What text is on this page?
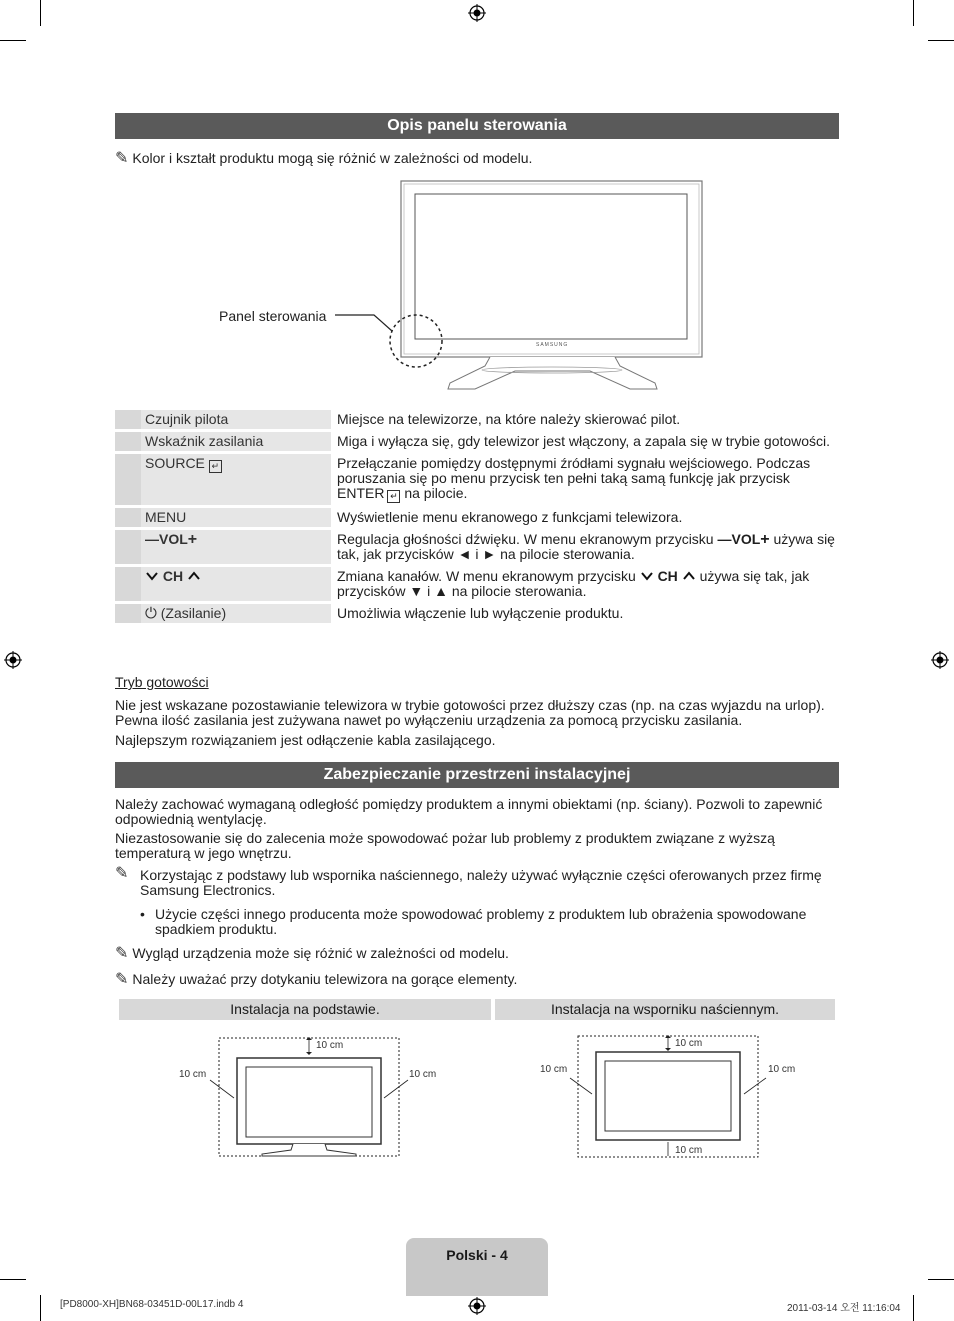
Opis panelu sterowania
✎ Kolor i kształt produktu mogą się różnić w zależności od modelu.
SAMSUNG
Panel sterowania
	Czujnik pilota	Miejsce na telewizorze, na które należy skierować pilot.
	Wskaźnik zasilania	Miga i wyłącza się, gdy telewizor jest włączony, a zapala się w trybie gotowości.
	SOURCE ↵	Przełączanie pomiędzy dostępnymi źródłami sygnału wejściowego. Podczas poruszania się po menu przycisk ten pełni taką samą funkcję jak przycisk ENTER ↵ na pilocie.
	MENU	Wyświetlenie menu ekranowego z funkcjami telewizora.
	—VOL+	Regulacja głośności dźwięku. W menu ekranowym przycisku —VOL+ używa się tak, jak przycisków ◄ i ► na pilocie sterowania.
	CH	Zmiana kanałów. W menu ekranowym przycisku  CH  używa się tak, jak przycisków ▼ i ▲ na pilocie sterowania.
	⏻ (Zasilanie)	Umożliwia włączenie lub wyłączenie produktu.
Tryb gotowości
Nie jest wskazane pozostawianie telewizora w trybie gotowości przez dłuższy czas (np. na czas wyjazdu na urlop). Pewna ilość zasilania jest zużywana nawet po wyłączeniu urządzenia za pomocą przycisku zasilania.
Najlepszym rozwiązaniem jest odłączenie kabla zasilającego.
Zabezpieczanie przestrzeni instalacyjnej
Należy zachować wymaganą odległość pomiędzy produktem a innymi obiektami (np. ściany). Pozwoli to zapewnić odpowiednią wentylację.
Niezastosowanie się do zalecenia może spowodować pożar lub problemy z produktem związane z wyższą temperaturą w jego wnętrzu.
✎ Korzystając z podstawy lub wspornika naściennego, należy używać wyłącznie części oferowanych przez firmę Samsung Electronics.
• Użycie części innego producenta może spowodować problemy z produktem lub obrażenia spowodowane spadkiem produktu.
✎ Wygląd urządzenia może się różnić w zależności od modelu.
✎ Należy uważać przy dotykaniu telewizora na gorące elementy.
Instalacja na podstawie.	Instalacja na wsporniku naściennym.
10 cm
10 cm	10 cm
10 cm
10 cm	10 cm
10 cm
Polski - 4
[PD8000-XH]BN68-03451D-00L17.indb 4	2011-03-14 오전 11:16:04
